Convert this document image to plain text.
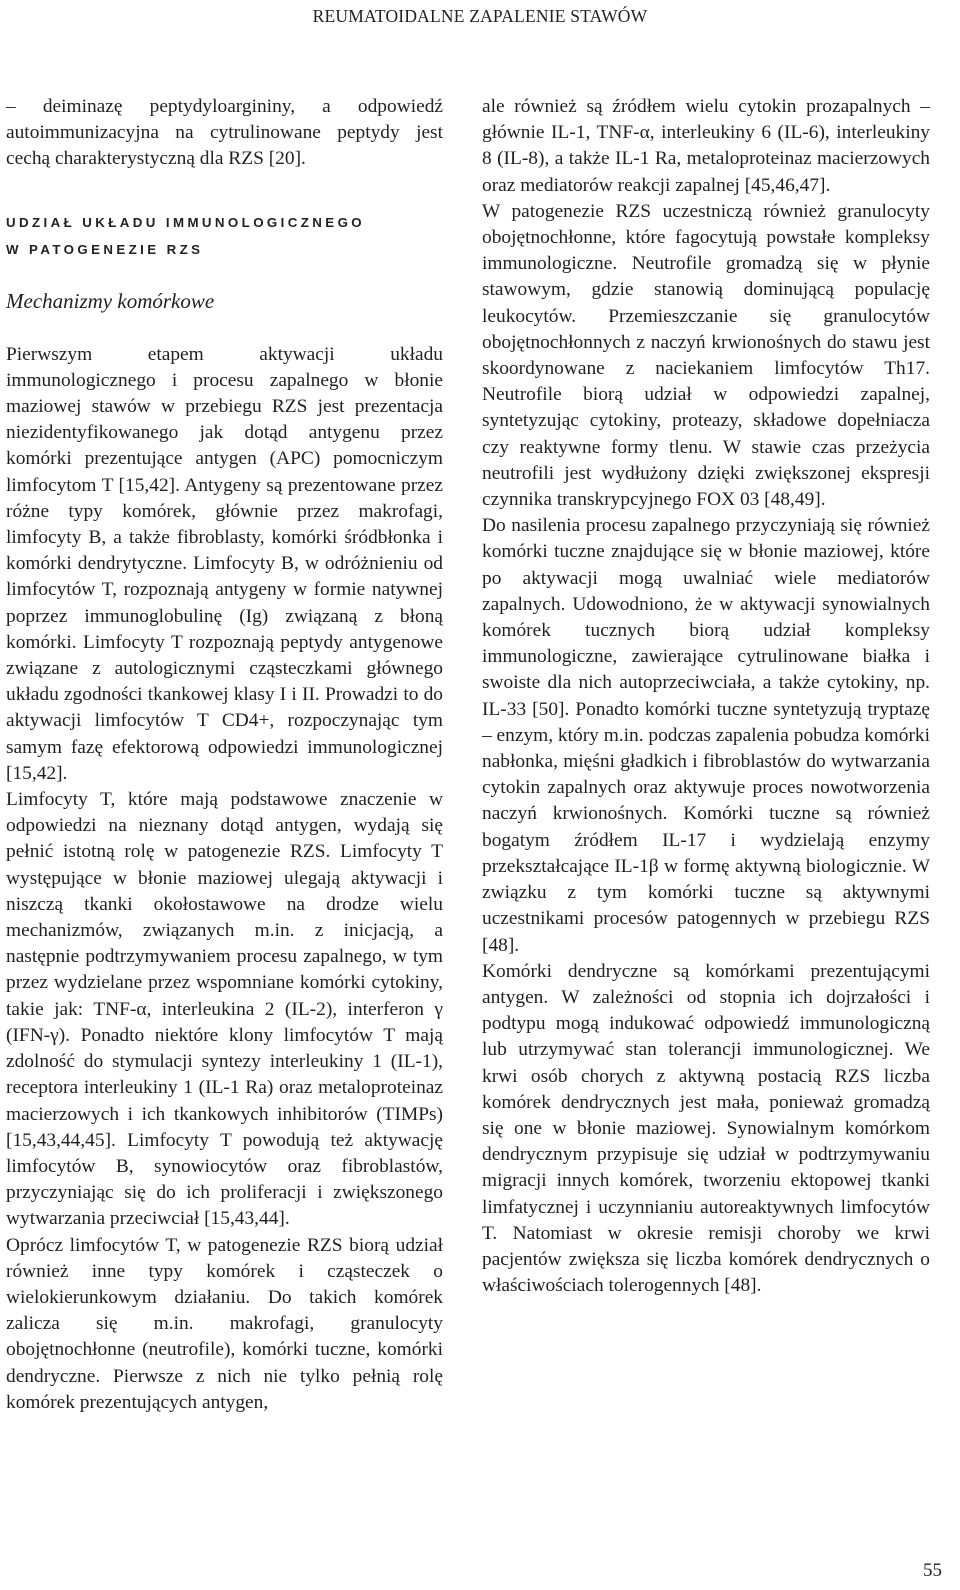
REUMATOIDALNE ZAPALENIE STAWÓW

– deiminazę peptydyloargininy, a odpowiedź autoimmunizacyjna na cytrulinowane peptydy jest cechą charakterystyczną dla RZS [20].

UDZIAŁ UKŁADU IMMUNOLOGICZNEGO
W PATOGENEZIE RZS
Mechanizmy komórkowe

Pierwszym etapem aktywacji układu immunologicznego i procesu zapalnego w błonie maziowej stawów w przebiegu RZS jest prezentacja niezidentyfikowanego jak dotąd antygenu przez komórki prezentujące antygen (APC) pomocniczym limfocytom T [15,42]. Antygeny są prezentowane przez różne typy komórek, głównie przez makrofagi, limfocyty B, a także fibroblasty, komórki śródbłonka i komórki dendrytyczne. Limfocyty B, w odróżnieniu od limfocytów T, rozpoznają antygeny w formie natywnej poprzez immunoglobulinę (Ig) związaną z błoną komórki. Limfocyty T rozpoznają peptydy antygenowe związane z autologicznymi cząsteczkami głównego układu zgodności tkankowej klasy I i II. Prowadzi to do aktywacji limfocytów T CD4+, rozpoczynając tym samym fazę efektorową odpowiedzi immunologicznej [15,42].

Limfocyty T, które mają podstawowe znaczenie w odpowiedzi na nieznany dotąd antygen, wydają się pełnić istotną rolę w patogenezie RZS. Limfocyty T występujące w błonie maziowej ulegają aktywacji i niszczą tkanki okołostawowe na drodze wielu mechanizmów, związanych m.in. z inicjacją, a następnie podtrzymywaniem procesu zapalnego, w tym przez wydzielane przez wspomniane komórki cytokiny, takie jak: TNF-α, interleukina 2 (IL-2), interferon γ (IFN-γ). Ponadto niektóre klony limfocytów T mają zdolność do stymulacji syntezy interleukiny 1 (IL-1), receptora interleukiny 1 (IL-1 Ra) oraz metaloproteinaz macierzowych i ich tkankowych inhibitorów (TIMPs) [15,43,44,45]. Limfocyty T powodują też aktywację limfocytów B, synowiocytów oraz fibroblastów, przyczyniając się do ich proliferacji i zwiększonego wytwarzania przeciwciał [15,43,44].

Oprócz limfocytów T, w patogenezie RZS biorą udział również inne typy komórek i cząsteczek o wielokierunkowym działaniu. Do takich komórek zalicza się m.in. makrofagi, granulocyty obojętnochłonne (neutrofile), komórki tuczne, komórki dendryczne. Pierwsze z nich nie tylko pełnią rolę komórek prezentujących antygen,

ale również są źródłem wielu cytokin prozapalnych – głównie IL-1, TNF-α, interleukiny 6 (IL-6), interleukiny 8 (IL-8), a także IL-1 Ra, metaloproteinaz macierzowych oraz mediatorów reakcji zapalnej [45,46,47].

W patogenezie RZS uczestniczą również granulocyty obojętnochłonne, które fagocytują powstałe kompleksy immunologiczne. Neutrofile gromadzą się w płynie stawowym, gdzie stanowią dominującą populację leukocytów. Przemieszczanie się granulocytów obojętnochłonnych z naczyń krwionośnych do stawu jest skoordynowane z naciekaniem limfocytów Th17. Neutrofile biorą udział w odpowiedzi zapalnej, syntetyzując cytokiny, proteazy, składowe dopełniacza czy reaktywne formy tlenu. W stawie czas przeżycia neutrofili jest wydłużony dzięki zwiększonej ekspresji czynnika transkrypcyjnego FOX 03 [48,49].

Do nasilenia procesu zapalnego przyczyniają się również komórki tuczne znajdujące się w błonie maziowej, które po aktywacji mogą uwalniać wiele mediatorów zapalnych. Udowodniono, że w aktywacji synowialnych komórek tucznych biorą udział kompleksy immunologiczne, zawierające cytrulinowane białka i swoiste dla nich autoprzeciwciała, a także cytokiny, np. IL-33 [50]. Ponadto komórki tuczne syntetyzują tryptazę – enzym, który m.in. podczas zapalenia pobudza komórki nabłonka, mięśni gładkich i fibroblastów do wytwarzania cytokin zapalnych oraz aktywuje proces nowotworzenia naczyń krwionośnych. Komórki tuczne są również bogatym źródłem IL-17 i wydzielają enzymy przekształcające IL-1β w formę aktywną biologicznie. W związku z tym komórki tuczne są aktywnymi uczestnikami procesów patogennych w przebiegu RZS [48].

Komórki dendryczne są komórkami prezentującymi antygen. W zależności od stopnia ich dojrzałości i podtypu mogą indukować odpowiedź immunologiczną lub utrzymywać stan tolerancji immunologicznej. We krwi osób chorych z aktywną postacią RZS liczba komórek dendrycznych jest mała, ponieważ gromadzą się one w błonie maziowej. Synowialnym komórkom dendrycznym przypisuje się udział w podtrzymywaniu migracji innych komórek, tworzeniu ektopowej tkanki limfatycznej i uczynnianiu autoreaktywnych limfocytów T. Natomiast w okresie remisji choroby we krwi pacjentów zwiększa się liczba komórek dendrycznych o właściwościach tolerogennych [48].

55
